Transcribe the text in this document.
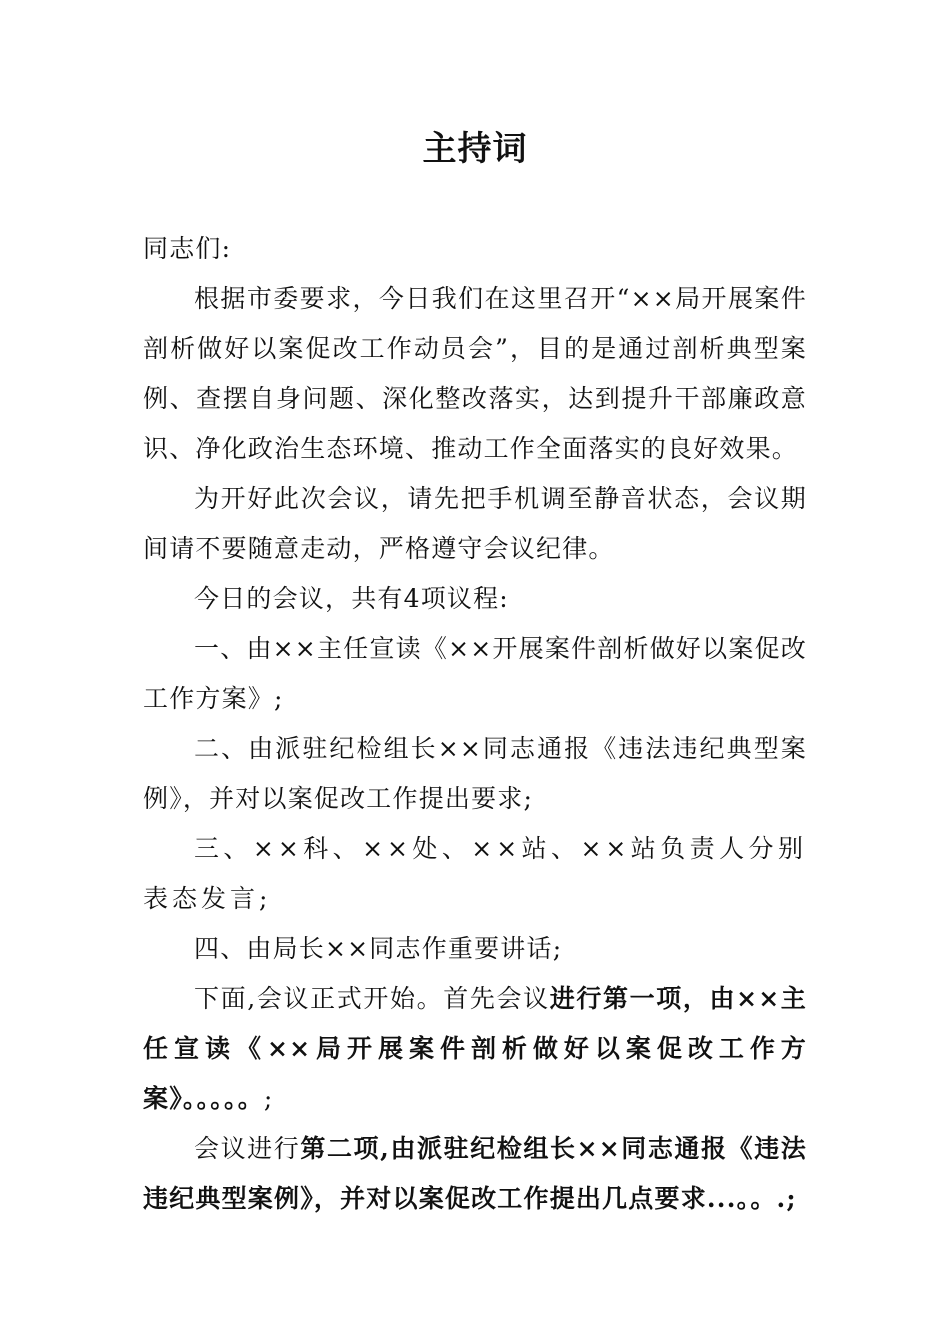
主持词

同志们:

根据市委要求，今日我们在这里召开“××局开展案件剖析做好以案促改工作动员会”，目的是通过剖析典型案例、查摆自身问题、深化整改落实，达到提升干部廉政意识、净化政治生态环境、推动工作全面落实的良好效果。

为开好此次会议，请先把手机调至静音状态，会议期间请不要随意走动，严格遵守会议纪律。

今日的会议，共有4项议程:

一、由××主任宣读《××开展案件剖析做好以案促改工作方案》;

二、由派驻纪检组长××同志通报《违法违纪典型案例》，并对以案促改工作提出要求;

三、××科、××处、××站、××站负责人分别表态发言;

四、由局长××同志作重要讲话;

下面,会议正式开始。首先会议进行第一项，由××主任宣读《××局开展案件剖析做好以案促改工作方案》。。。。。;

会议进行第二项,由派驻纪检组长××同志通报《违法违纪典型案例》，并对以案促改工作提出几点要求...。。.;
